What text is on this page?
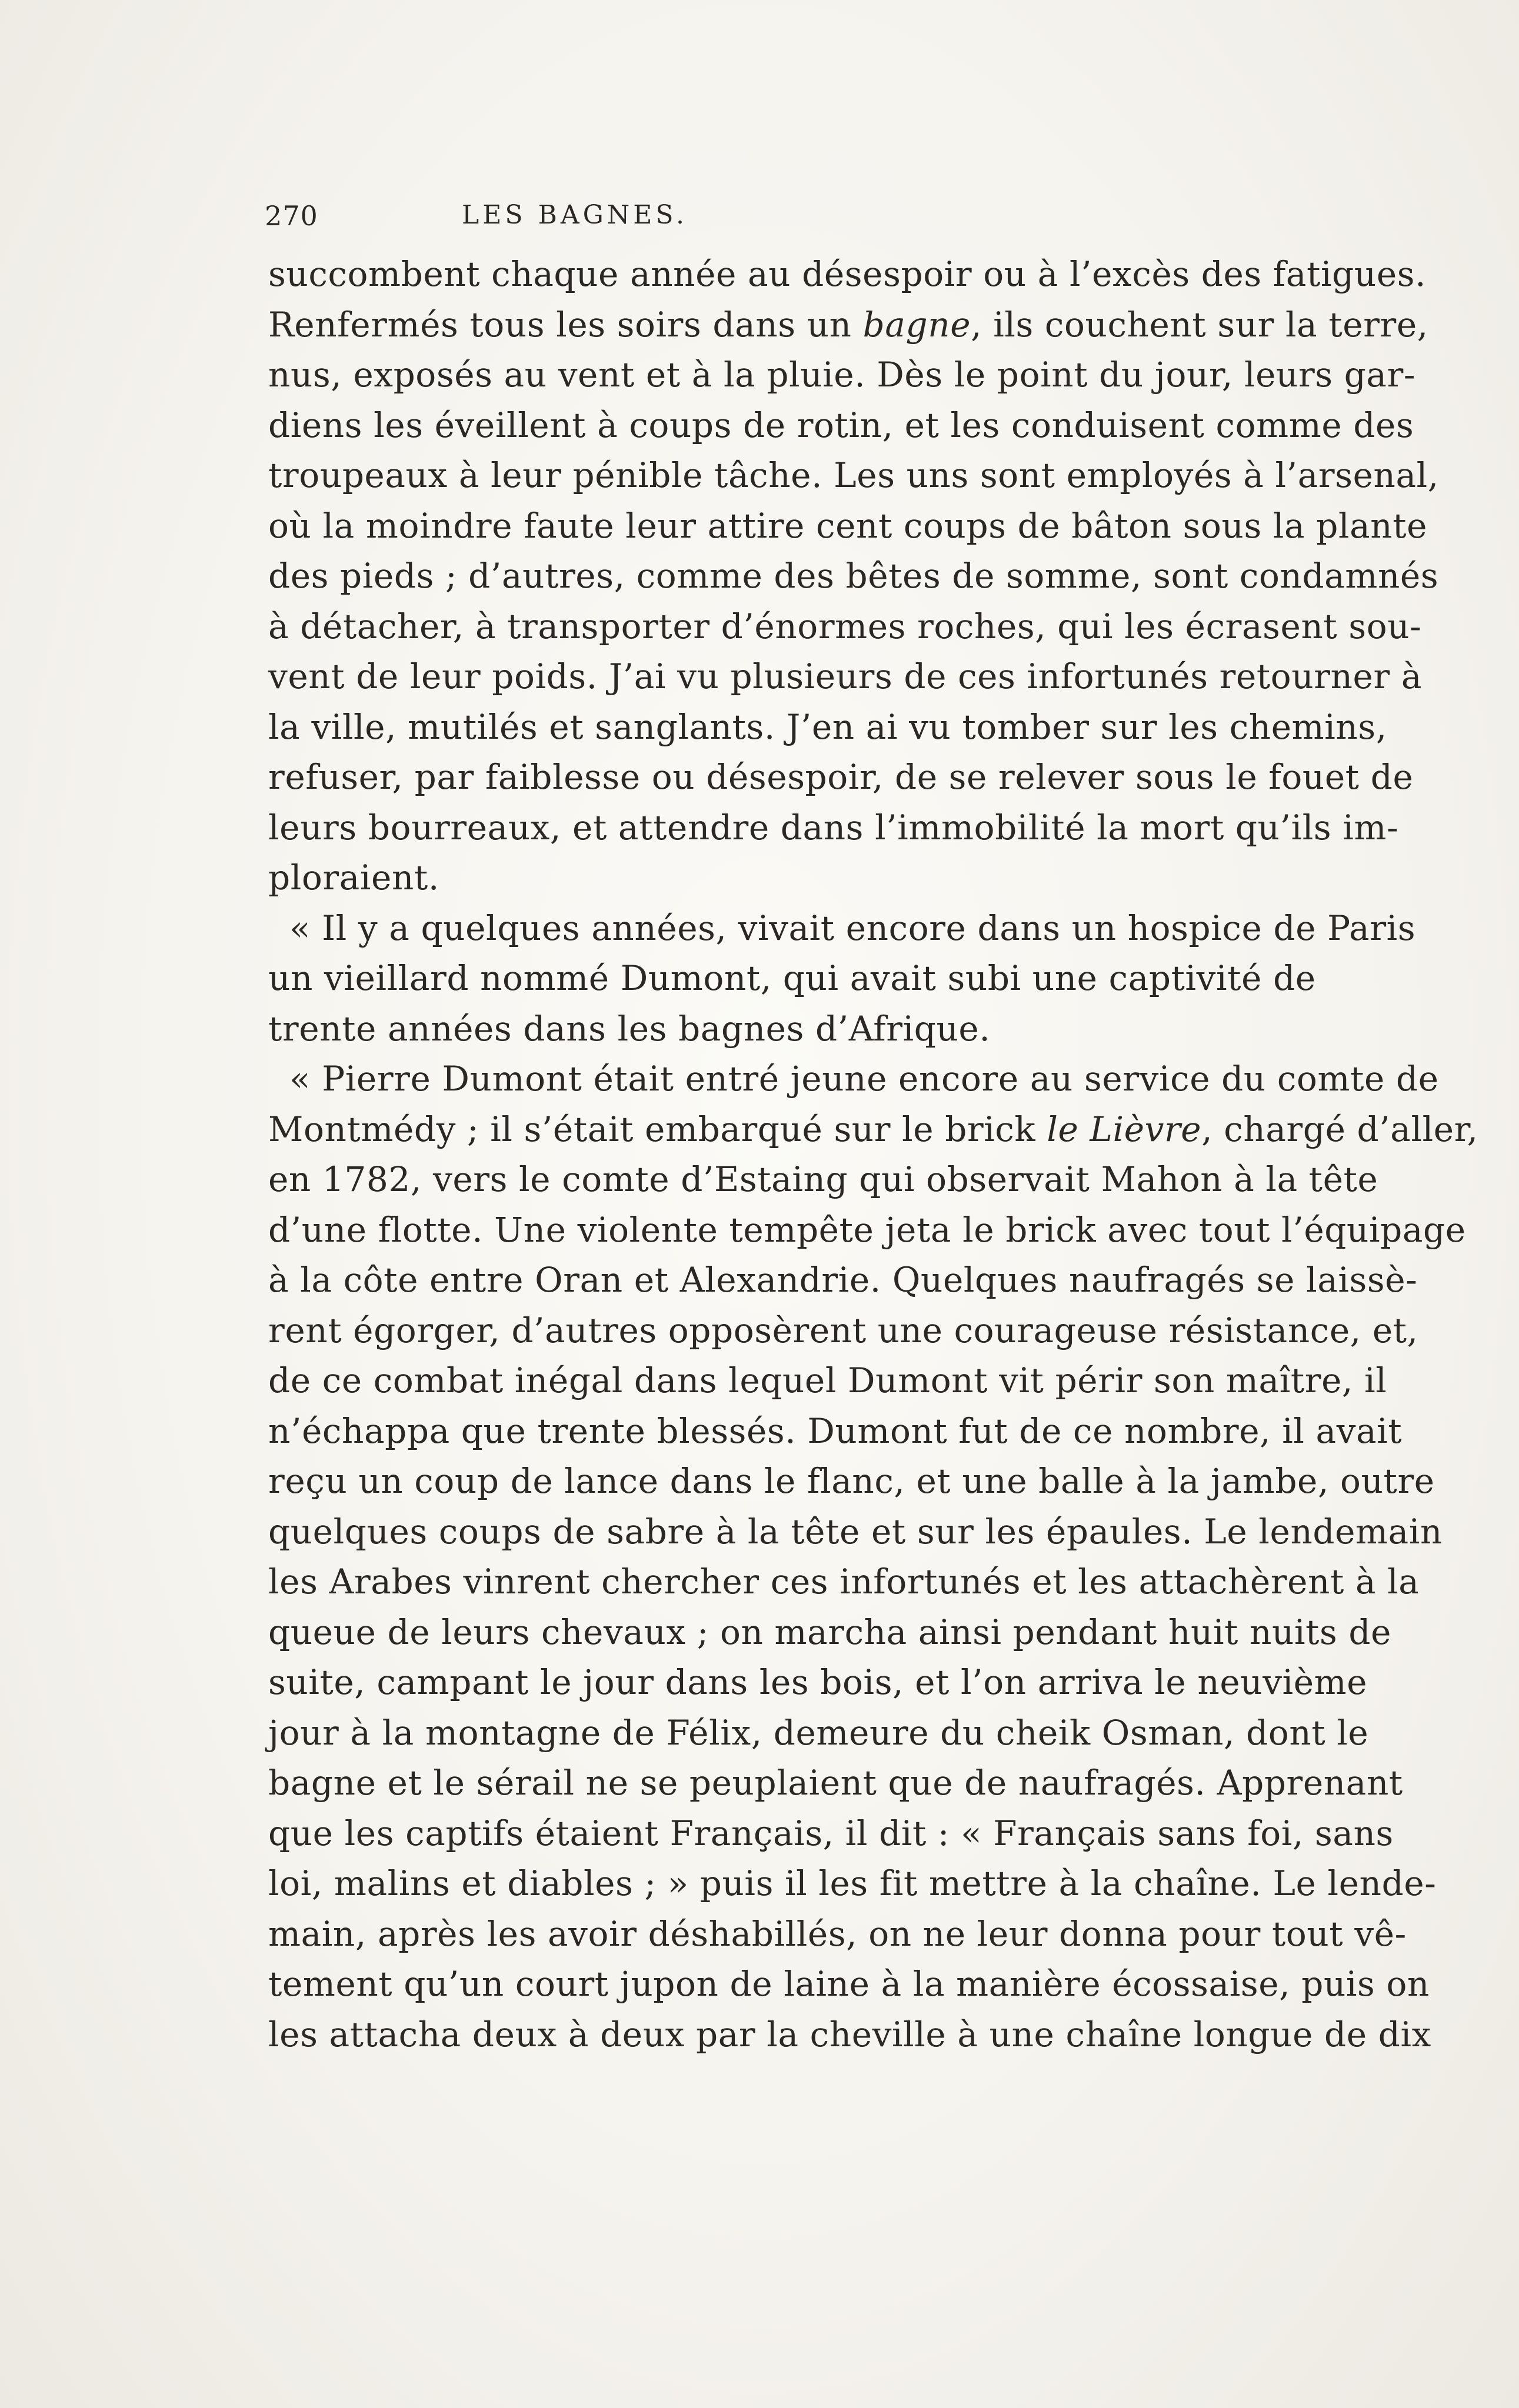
270	LES BAGNES.
succombent chaque année au désespoir ou à l’excès des fatigues.
Renfermés tous les soirs dans un bagne, ils couchent sur la terre,
nus, exposés au vent et à la pluie. Dès le point du jour, leurs gar-
diens les éveillent à coups de rotin, et les conduisent comme des
troupeaux à leur pénible tâche. Les uns sont employés à l’arsenal,
où la moindre faute leur attire cent coups de bâton sous la plante
des pieds ; d’autres, comme des bêtes de somme, sont condamnés
à détacher, à transporter d’énormes roches, qui les écrasent sou-
vent de leur poids. J’ai vu plusieurs de ces infortunés retourner à
la ville, mutilés et sanglants. J’en ai vu tomber sur les chemins,
refuser, par faiblesse ou désespoir, de se relever sous le fouet de
leurs bourreaux, et attendre dans l’immobilité la mort qu’ils im-
ploraient.
« Il y a quelques années, vivait encore dans un hospice de Paris
un vieillard nommé Dumont, qui avait subi une captivité de
trente années dans les bagnes d’Afrique.
« Pierre Dumont était entré jeune encore au service du comte de
Montmédy ; il s’était embarqué sur le brick le Lièvre, chargé d’aller,
en 1782, vers le comte d’Estaing qui observait Mahon à la tête
d’une flotte. Une violente tempête jeta le brick avec tout l’équipage
à la côte entre Oran et Alexandrie. Quelques naufragés se laissè-
rent égorger, d’autres opposèrent une courageuse résistance, et,
de ce combat inégal dans lequel Dumont vit périr son maître, il
n’échappa que trente blessés. Dumont fut de ce nombre, il avait
reçu un coup de lance dans le flanc, et une balle à la jambe, outre
quelques coups de sabre à la tête et sur les épaules. Le lendemain
les Arabes vinrent chercher ces infortunés et les attachèrent à la
queue de leurs chevaux ; on marcha ainsi pendant huit nuits de
suite, campant le jour dans les bois, et l’on arriva le neuvième
jour à la montagne de Félix, demeure du cheik Osman, dont le
bagne et le sérail ne se peuplaient que de naufragés. Apprenant
que les captifs étaient Français, il dit : « Français sans foi, sans
loi, malins et diables ; » puis il les fit mettre à la chaîne. Le lende-
main, après les avoir déshabillés, on ne leur donna pour tout vê-
tement qu’un court jupon de laine à la manière écossaise, puis on
les attacha deux à deux par la cheville à une chaîne longue de dix
